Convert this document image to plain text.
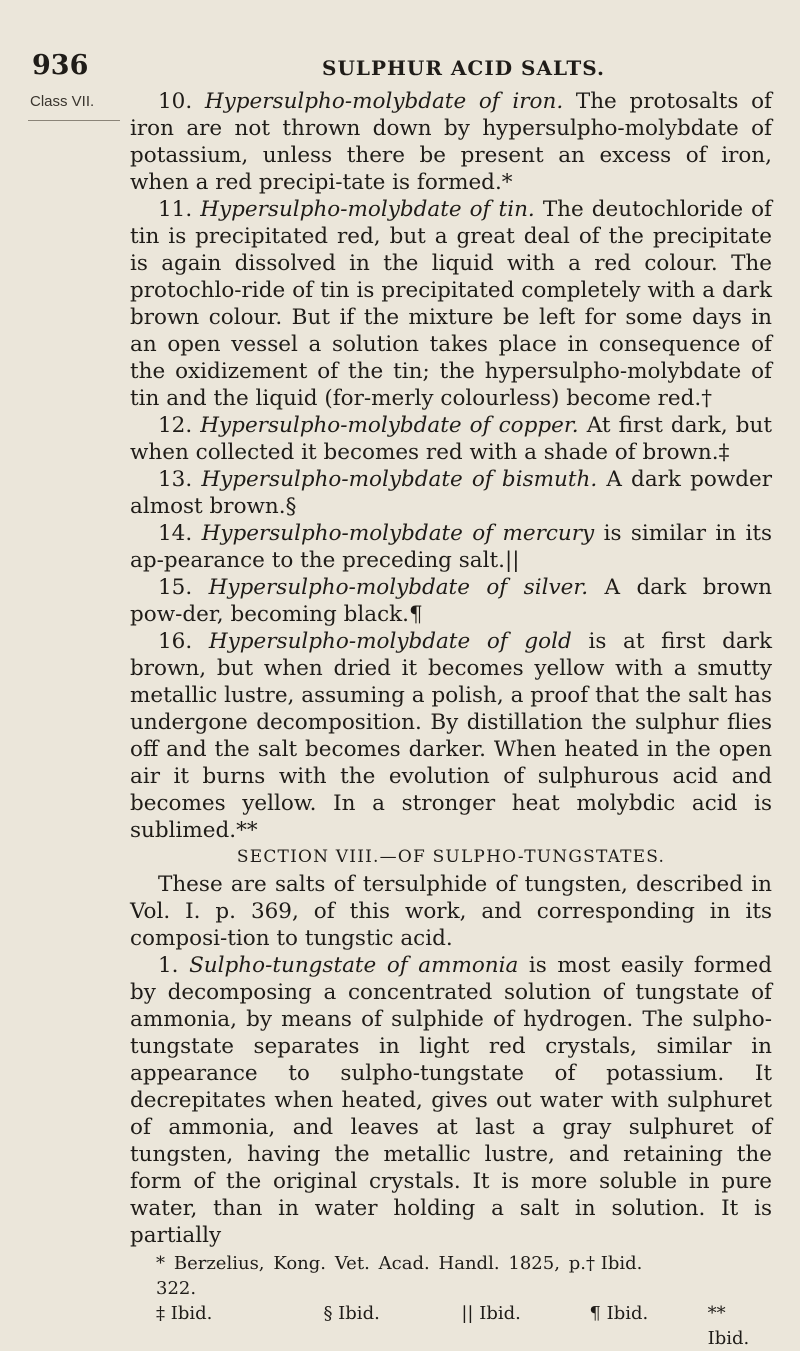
936	SULPHUR ACID SALTS.
Class VII.	10. Hypersulpho-molybdate of iron. The protosalts of iron are not thrown down by hypersulpho-molybdate of potassium, unless there be present an excess of iron, when a red precipi-tate is formed.*

11. Hypersulpho-molybdate of tin. The deutochloride of tin is precipitated red, but a great deal of the precipitate is again dissolved in the liquid with a red colour. The protochlo-ride of tin is precipitated completely with a dark brown colour. But if the mixture be left for some days in an open vessel a solution takes place in consequence of the oxidizement of the tin; the hypersulpho-molybdate of tin and the liquid (for-merly colourless) become red.†

12. Hypersulpho-molybdate of copper. At first dark, but when collected it becomes red with a shade of brown.‡

13. Hypersulpho-molybdate of bismuth. A dark powder almost brown.§

14. Hypersulpho-molybdate of mercury is similar in its ap-pearance to the preceding salt.||

15. Hypersulpho-molybdate of silver. A dark brown pow-der, becoming black.¶

16. Hypersulpho-molybdate of gold is at first dark brown, but when dried it becomes yellow with a smutty metallic lustre, assuming a polish, a proof that the salt has undergone decomposition. By distillation the sulphur flies off and the salt becomes darker. When heated in the open air it burns with the evolution of sulphurous acid and becomes yellow. In a stronger heat molybdic acid is sublimed.**

SECTION VIII.—OF SULPHO-TUNGSTATES.

These are salts of tersulphide of tungsten, described in Vol. I. p. 369, of this work, and corresponding in its composi-tion to tungstic acid.

1. Sulpho-tungstate of ammonia is most easily formed by decomposing a concentrated solution of tungstate of ammonia, by means of sulphide of hydrogen. The sulpho-tungstate separates in light red crystals, similar in appearance to sulpho-tungstate of potassium. It decrepitates when heated, gives out water with sulphuret of ammonia, and leaves at last a gray sulphuret of tungsten, having the metallic lustre, and retaining the form of the original crystals. It is more soluble in pure water, than in water holding a salt in solution. It is partially

* Berzelius, Kong. Vet. Acad. Handl. 1825, p. 322.
† Ibid.
‡ Ibid.	§ Ibid.	|| Ibid.	¶ Ibid.	** Ibid.
